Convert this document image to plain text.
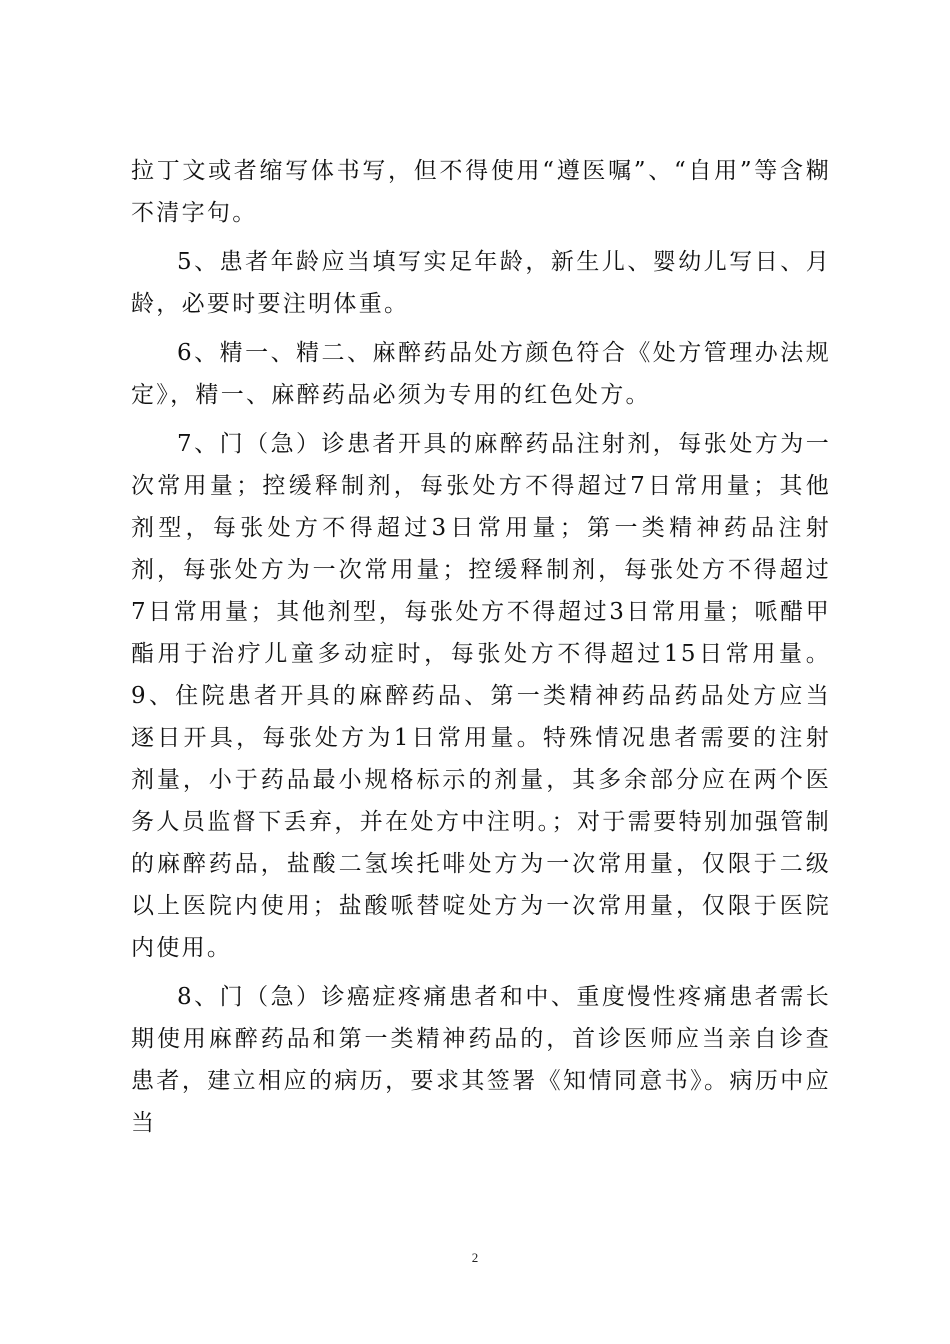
拉丁文或者缩写体书写，但不得使用“遵医嘱”、“自用”等含糊不清字句。

5、患者年龄应当填写实足年龄，新生儿、婴幼儿写日、月龄，必要时要注明体重。

6、精一、精二、麻醉药品处方颜色符合《处方管理办法规定》，精一、麻醉药品必须为专用的红色处方。

7、门（急）诊患者开具的麻醉药品注射剂，每张处方为一次常用量；控缓释制剂，每张处方不得超过7日常用量；其他剂型，每张处方不得超过3日常用量；第一类精神药品注射剂，每张处方为一次常用量；控缓释制剂，每张处方不得超过7日常用量；其他剂型，每张处方不得超过3日常用量；哌醋甲酯用于治疗儿童多动症时，每张处方不得超过15日常用量。9、住院患者开具的麻醉药品、第一类精神药品药品处方应当逐日开具，每张处方为1日常用量。特殊情况患者需要的注射剂量，小于药品最小规格标示的剂量，其多余部分应在两个医务人员监督下丢弃，并在处方中注明。；对于需要特别加强管制的麻醉药品，盐酸二氢埃托啡处方为一次常用量，仅限于二级以上医院内使用；盐酸哌替啶处方为一次常用量，仅限于医院内使用。

8、门（急）诊癌症疼痛患者和中、重度慢性疼痛患者需长期使用麻醉药品和第一类精神药品的，首诊医师应当亲自诊查患者，建立相应的病历，要求其签署《知情同意书》。病历中应当

2
